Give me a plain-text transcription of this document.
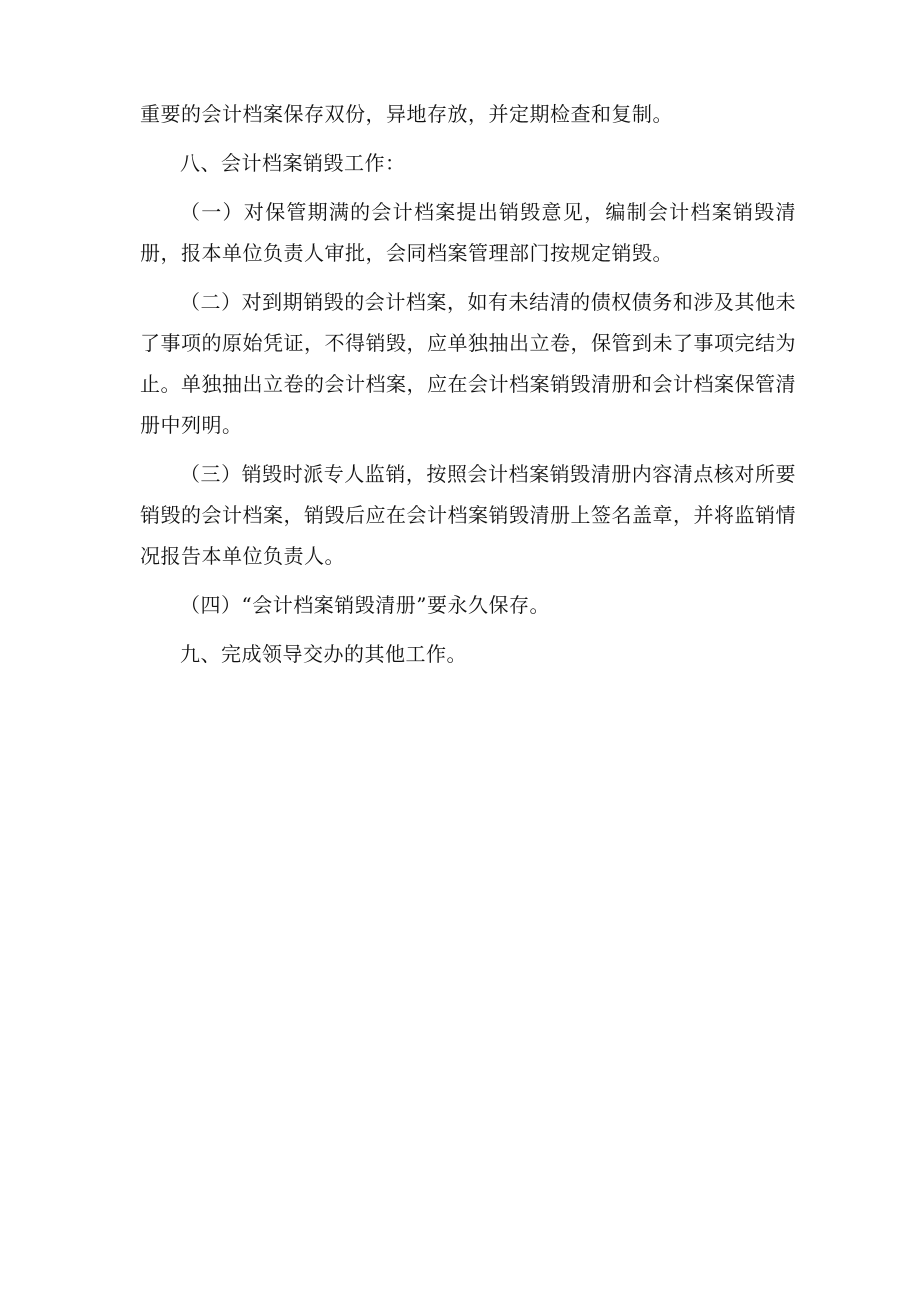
重要的会计档案保存双份，异地存放，并定期检查和复制。

八、会计档案销毁工作：

（一）对保管期满的会计档案提出销毁意见，编制会计档案销毁清册，报本单位负责人审批，会同档案管理部门按规定销毁。

（二）对到期销毁的会计档案，如有未结清的债权债务和涉及其他未了事项的原始凭证，不得销毁，应单独抽出立卷，保管到未了事项完结为止。单独抽出立卷的会计档案，应在会计档案销毁清册和会计档案保管清册中列明。

（三）销毁时派专人监销，按照会计档案销毁清册内容清点核对所要销毁的会计档案，销毁后应在会计档案销毁清册上签名盖章，并将监销情况报告本单位负责人。

（四）“会计档案销毁清册”要永久保存。

九、完成领导交办的其他工作。
